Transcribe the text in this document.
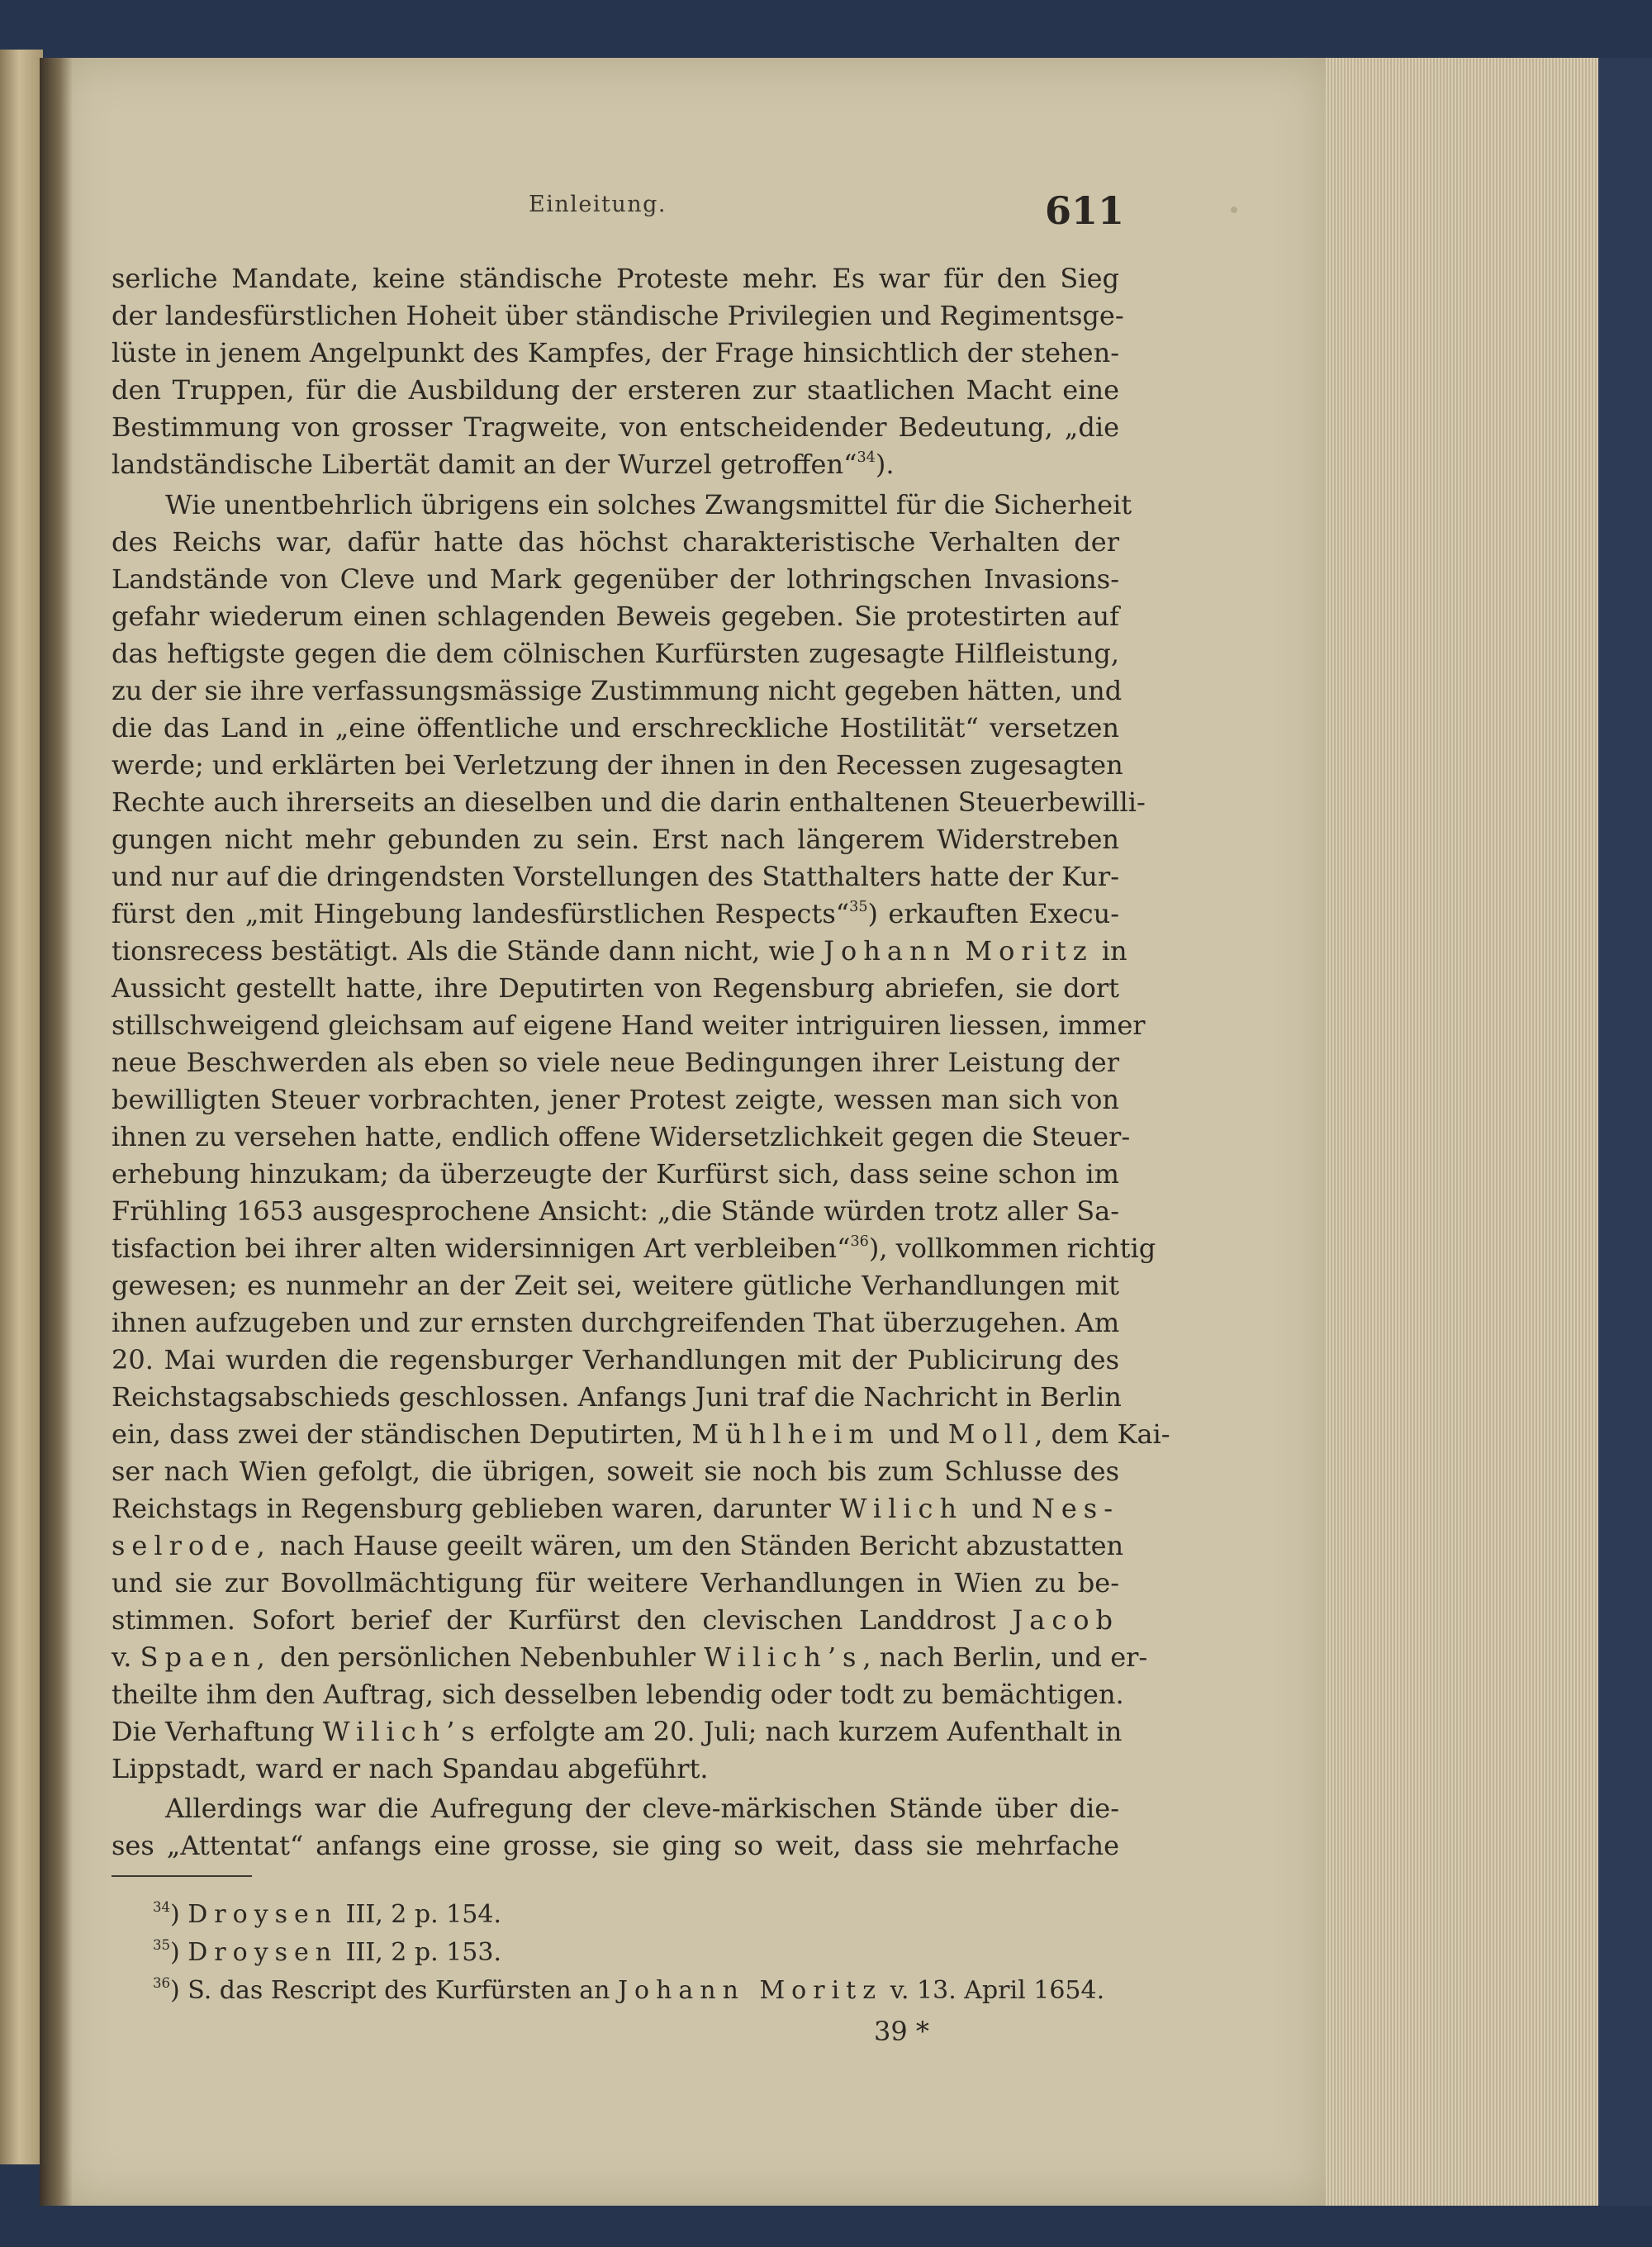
Einleitung.	611
serliche Mandate, keine ständische Proteste mehr. Es war für den Sieg
der landesfürstlichen Hoheit über ständische Privilegien und Regimentsge-
lüste in jenem Angelpunkt des Kampfes, der Frage hinsichtlich der stehen-
den Truppen, für die Ausbildung der ersteren zur staatlichen Macht eine
Bestimmung von grosser Tragweite, von entscheidender Bedeutung, „die
landständische Libertät damit an der Wurzel getroffen“$^{34}$).
Wie unentbehrlich übrigens ein solches Zwangsmittel für die Sicherheit
des Reichs war, dafür hatte das höchst charakteristische Verhalten der
Landstände von Cleve und Mark gegenüber der lothringschen Invasions-
gefahr wiederum einen schlagenden Beweis gegeben. Sie protestirten auf
das heftigste gegen die dem cölnischen Kurfürsten zugesagte Hilfleistung,
zu der sie ihre verfassungsmässige Zustimmung nicht gegeben hätten, und
die das Land in „eine öffentliche und erschreckliche Hostilität“ versetzen
werde; und erklärten bei Verletzung der ihnen in den Recessen zugesagten
Rechte auch ihrerseits an dieselben und die darin enthaltenen Steuerbewilli-
gungen nicht mehr gebunden zu sein. Erst nach längerem Widerstreben
und nur auf die dringendsten Vorstellungen des Statthalters hatte der Kur-
fürst den „mit Hingebung landesfürstlichen Respects“$^{35}$) erkauften Execu-
tionsrecess bestätigt. Als die Stände dann nicht, wie Johann Moritz in
Aussicht gestellt hatte, ihre Deputirten von Regensburg abriefen, sie dort
stillschweigend gleichsam auf eigene Hand weiter intriguiren liessen, immer
neue Beschwerden als eben so viele neue Bedingungen ihrer Leistung der
bewilligten Steuer vorbrachten, jener Protest zeigte, wessen man sich von
ihnen zu versehen hatte, endlich offene Widersetzlichkeit gegen die Steuer-
erhebung hinzukam; da überzeugte der Kurfürst sich, dass seine schon im
Frühling 1653 ausgesprochene Ansicht: „die Stände würden trotz aller Sa-
tisfaction bei ihrer alten widersinnigen Art verbleiben“$^{36}$), vollkommen richtig
gewesen; es nunmehr an der Zeit sei, weitere gütliche Verhandlungen mit
ihnen aufzugeben und zur ernsten durchgreifenden That überzugehen. Am
20. Mai wurden die regensburger Verhandlungen mit der Publicirung des
Reichstagsabschieds geschlossen. Anfangs Juni traf die Nachricht in Berlin
ein, dass zwei der ständischen Deputirten, Mühlheim und Moll, dem Kai-
ser nach Wien gefolgt, die übrigen, soweit sie noch bis zum Schlusse des
Reichstags in Regensburg geblieben waren, darunter Wilich und Nes-
selrode, nach Hause geeilt wären, um den Ständen Bericht abzustatten
und sie zur Bovollmächtigung für weitere Verhandlungen in Wien zu be-
stimmen. Sofort berief der Kurfürst den clevischen Landdrost Jacob
v. Spaen, den persönlichen Nebenbuhler Wilich’s, nach Berlin, und er-
theilte ihm den Auftrag, sich desselben lebendig oder todt zu bemächtigen.
Die Verhaftung Wilich’s erfolgte am 20. Juli; nach kurzem Aufenthalt in
Lippstadt, ward er nach Spandau abgeführt.
Allerdings war die Aufregung der cleve-märkischen Stände über die-
ses „Attentat“ anfangs eine grosse, sie ging so weit, dass sie mehrfache
$^{34}$) Droysen III, 2 p. 154.
$^{35}$) Droysen III, 2 p. 153.
$^{36}$) S. das Rescript des Kurfürsten an Johann Moritz v. 13. April 1654.
39 *
